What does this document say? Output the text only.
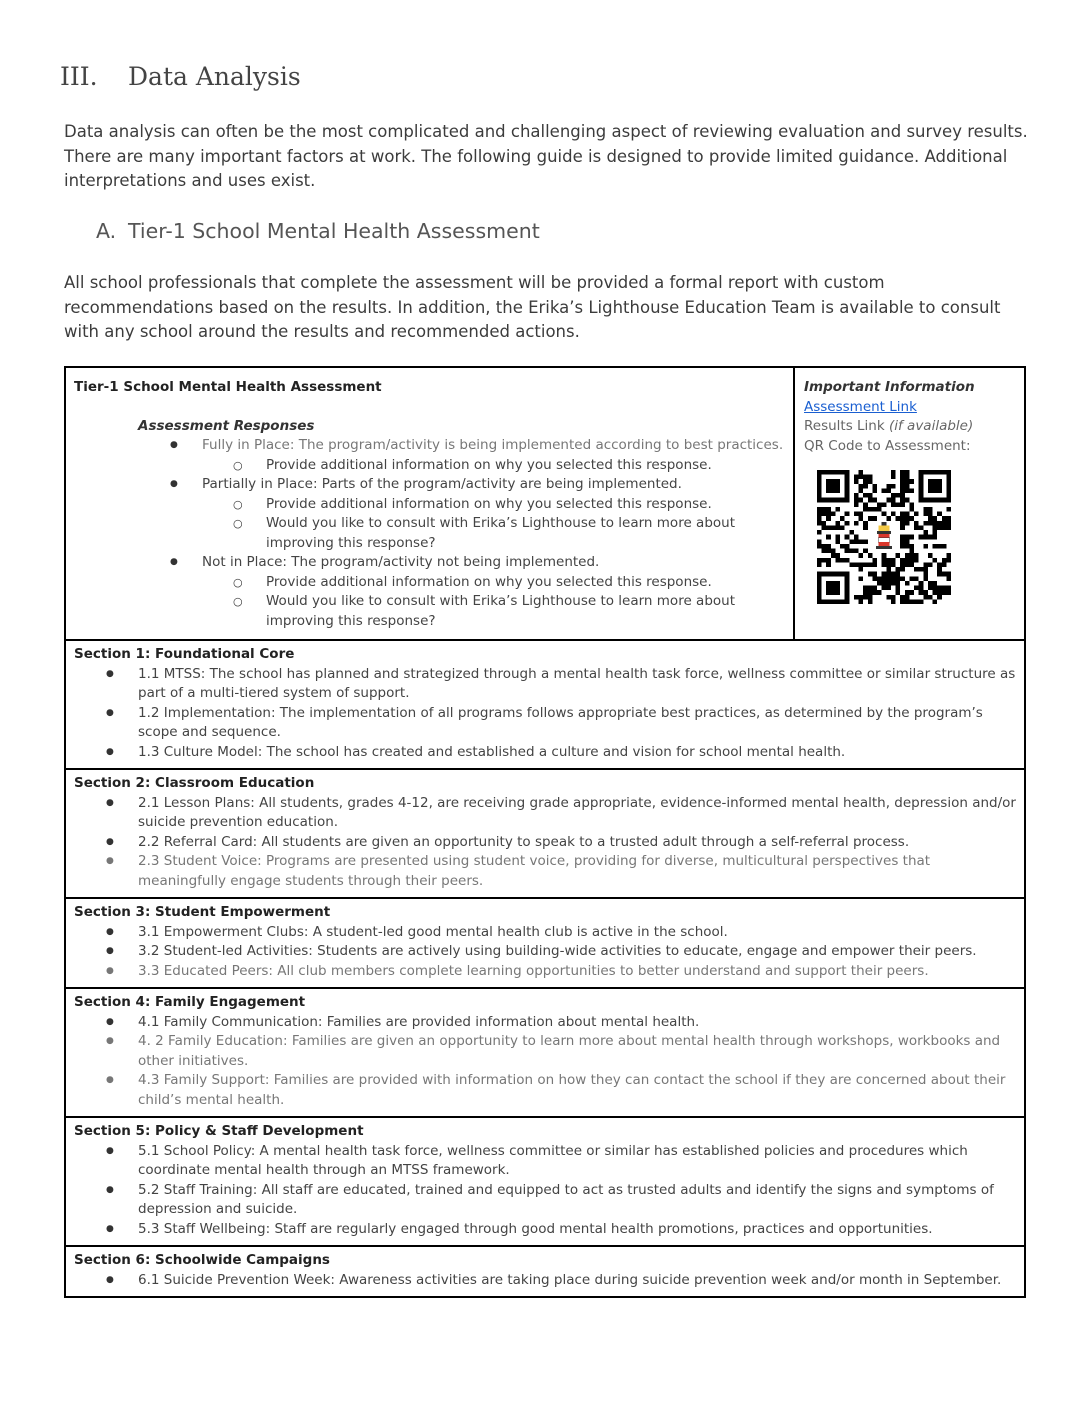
III. Data Analysis
Data analysis can often be the most complicated and challenging aspect of reviewing evaluation and survey results. There are many important factors at work. The following guide is designed to provide limited guidance. Additional interpretations and uses exist.
A. Tier-1 School Mental Health Assessment
All school professionals that complete the assessment will be provided a formal report with custom recommendations based on the results. In addition, the Erika’s Lighthouse Education Team is available to consult with any school around the results and recommended actions.
Tier-1 School Mental Health Assessment
Assessment Responses
● Fully in Place: The program/activity is being implemented according to best practices.
○ Provide additional information on why you selected this response.
● Partially in Place: Parts of the program/activity are being implemented.
○ Provide additional information on why you selected this response.
○ Would you like to consult with Erika’s Lighthouse to learn more about improving this response?
● Not in Place: The program/activity not being implemented.
○ Provide additional information on why you selected this response.
○ Would you like to consult with Erika’s Lighthouse to learn more about improving this response?
Important Information
Assessment Link
Results Link (if available)
QR Code to Assessment:
Section 1: Foundational Core
● 1.1 MTSS: The school has planned and strategized through a mental health task force, wellness committee or similar structure as part of a multi-tiered system of support.
● 1.2 Implementation: The implementation of all programs follows appropriate best practices, as determined by the program’s scope and sequence.
● 1.3 Culture Model: The school has created and established a culture and vision for school mental health.
Section 2: Classroom Education
● 2.1 Lesson Plans: All students, grades 4-12, are receiving grade appropriate, evidence-informed mental health, depression and/or suicide prevention education.
● 2.2 Referral Card: All students are given an opportunity to speak to a trusted adult through a self-referral process.
● 2.3 Student Voice: Programs are presented using student voice, providing for diverse, multicultural perspectives that meaningfully engage students through their peers.
Section 3: Student Empowerment
● 3.1 Empowerment Clubs: A student-led good mental health club is active in the school.
● 3.2 Student-led Activities: Students are actively using building-wide activities to educate, engage and empower their peers.
● 3.3 Educated Peers: All club members complete learning opportunities to better understand and support their peers.
Section 4: Family Engagement
● 4.1 Family Communication: Families are provided information about mental health.
● 4. 2 Family Education: Families are given an opportunity to learn more about mental health through workshops, workbooks and other initiatives.
● 4.3 Family Support: Families are provided with information on how they can contact the school if they are concerned about their child’s mental health.
Section 5: Policy & Staff Development
● 5.1 School Policy: A mental health task force, wellness committee or similar has established policies and procedures which coordinate mental health through an MTSS framework.
● 5.2 Staff Training: All staff are educated, trained and equipped to act as trusted adults and identify the signs and symptoms of depression and suicide.
● 5.3 Staff Wellbeing: Staff are regularly engaged through good mental health promotions, practices and opportunities.
Section 6: Schoolwide Campaigns
● 6.1 Suicide Prevention Week: Awareness activities are taking place during suicide prevention week and/or month in September.
